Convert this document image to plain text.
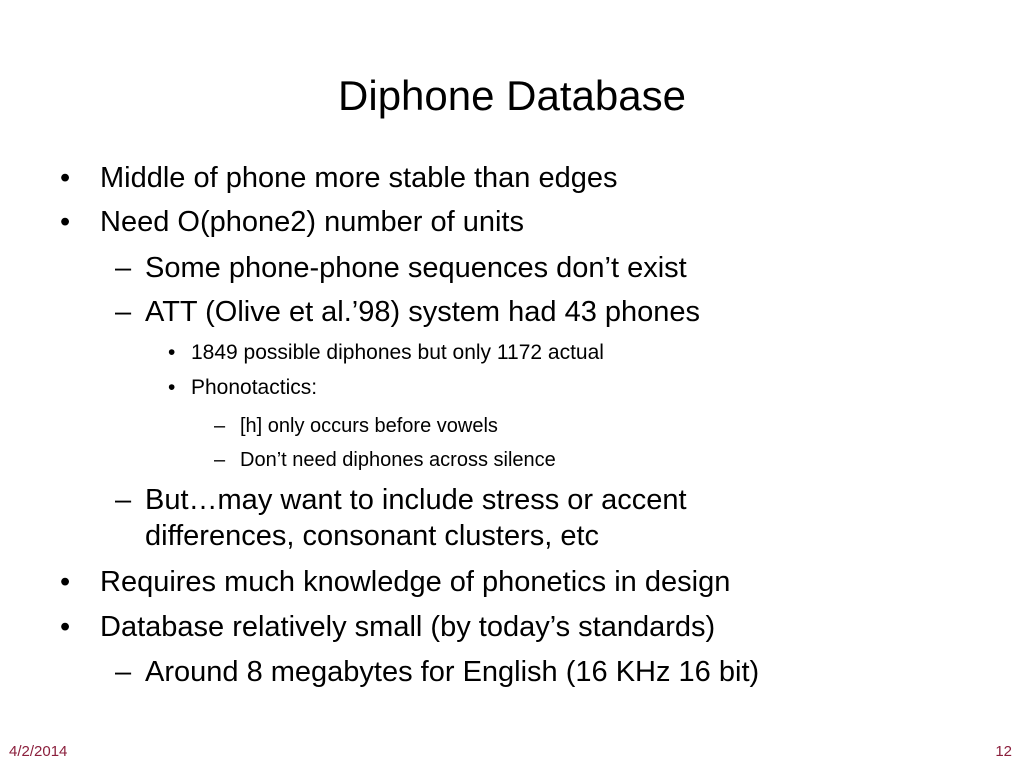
Diphone Database
• Middle of phone more stable than edges
• Need O(phone2) number of units
– Some phone-phone sequences don’t exist
– ATT (Olive et al.’98) system had 43 phones
• 1849 possible diphones but only 1172 actual
• Phonotactics:
– [h] only occurs before vowels
– Don’t need diphones across silence
– But…may want to include stress or accent
differences, consonant clusters, etc
• Requires much knowledge of phonetics in design
• Database relatively small (by today’s standards)
– Around 8 megabytes for English (16 KHz 16 bit)
4/2/2014	12
